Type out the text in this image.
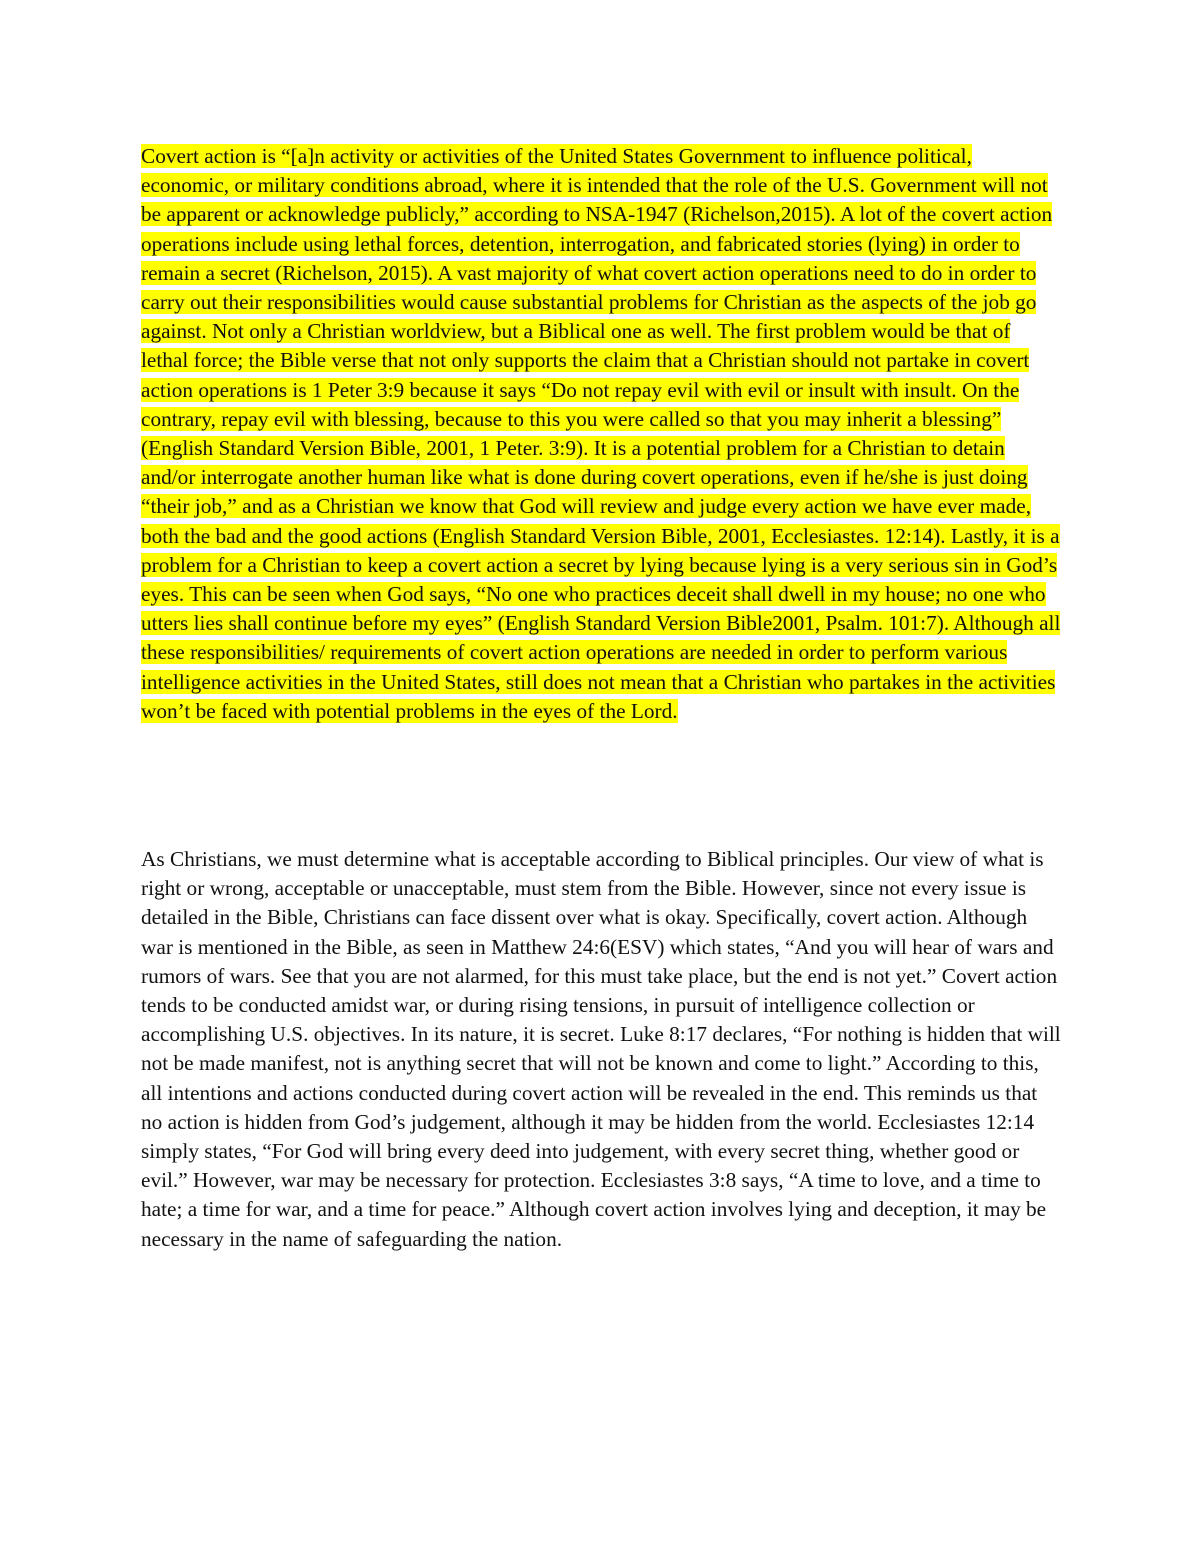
Covert action is “[a]n activity or activities of the United States Government to influence political, economic, or military conditions abroad, where it is intended that the role of the U.S. Government will not be apparent or acknowledge publicly,” according to NSA-1947 (Richelson,2015). A lot of the covert action operations include using lethal forces, detention, interrogation, and fabricated stories (lying) in order to remain a secret (Richelson, 2015). A vast majority of what covert action operations need to do in order to carry out their responsibilities would cause substantial problems for Christian as the aspects of the job go against. Not only a Christian worldview, but a Biblical one as well. The first problem would be that of lethal force; the Bible verse that not only supports the claim that a Christian should not partake in covert action operations is 1 Peter 3:9 because it says “Do not repay evil with evil or insult with insult. On the contrary, repay evil with blessing, because to this you were called so that you may inherit a blessing” (English Standard Version Bible, 2001, 1 Peter. 3:9). It is a potential problem for a Christian to detain and/or interrogate another human like what is done during covert operations, even if he/she is just doing “their job,” and as a Christian we know that God will review and judge every action we have ever made, both the bad and the good actions (English Standard Version Bible, 2001, Ecclesiastes. 12:14). Lastly, it is a problem for a Christian to keep a covert action a secret by lying because lying is a very serious sin in God’s eyes. This can be seen when God says, “No one who practices deceit shall dwell in my house; no one who utters lies shall continue before my eyes” (English Standard Version Bible2001, Psalm. 101:7). Although all these responsibilities/ requirements of covert action operations are needed in order to perform various intelligence activities in the United States, still does not mean that a Christian who partakes in the activities won’t be faced with potential problems in the eyes of the Lord.

As Christians, we must determine what is acceptable according to Biblical principles. Our view of what is right or wrong, acceptable or unacceptable, must stem from the Bible. However, since not every issue is detailed in the Bible, Christians can face dissent over what is okay. Specifically, covert action. Although war is mentioned in the Bible, as seen in Matthew 24:6(ESV) which states, “And you will hear of wars and rumors of wars. See that you are not alarmed, for this must take place, but the end is not yet.” Covert action tends to be conducted amidst war, or during rising tensions, in pursuit of intelligence collection or accomplishing U.S. objectives. In its nature, it is secret. Luke 8:17 declares, “For nothing is hidden that will not be made manifest, not is anything secret that will not be known and come to light.” According to this, all intentions and actions conducted during covert action will be revealed in the end. This reminds us that no action is hidden from God’s judgement, although it may be hidden from the world. Ecclesiastes 12:14 simply states, “For God will bring every deed into judgement, with every secret thing, whether good or evil.” However, war may be necessary for protection. Ecclesiastes 3:8 says, “A time to love, and a time to hate; a time for war, and a time for peace.” Although covert action involves lying and deception, it may be necessary in the name of safeguarding the nation.
